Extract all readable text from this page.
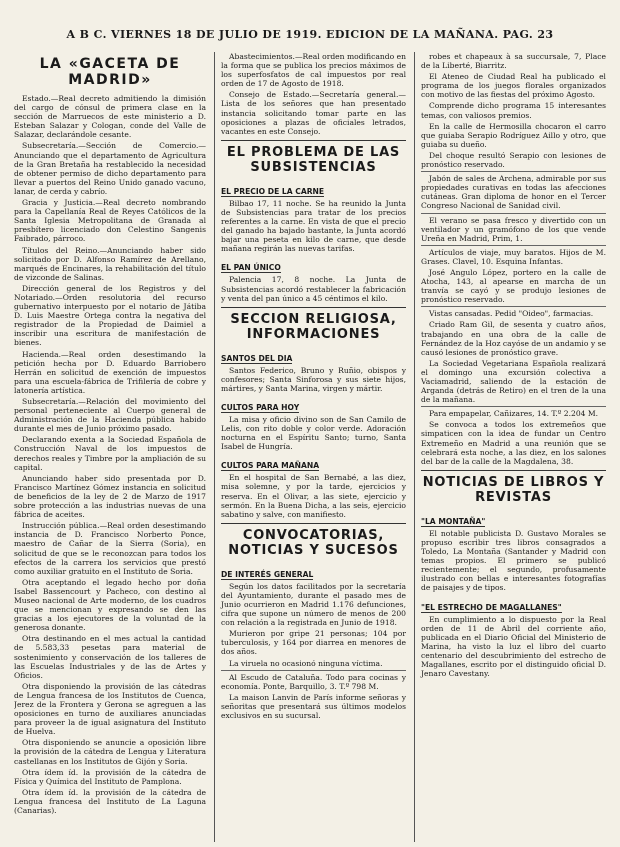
A B C. VIERNES 18 DE JULIO DE 1919. EDICION DE LA MAÑANA. PAG. 23
LA «GACETA DE MADRID»

Estado.—Real decreto admitiendo la dimisión del cargo de cónsul de primera clase en la sección de Marruecos de este ministerio a D. Esteban Salazar y Cologan, conde del Valle de Salazar, declarándole cesante.

Subsecretaría.—Sección de Comercio.—Anunciando que el departamento de Agricultura de la Gran Bretaña ha restablecido la necesidad de obtener permiso de dicho departamento para llevar a puertos del Reino Unido ganado vacuno, lanar, de cerda y cabrío.

Gracia y Justicia.—Real decreto nombrando para la Capellanía Real de Reyes Católicos de la Santa Iglesia Metropolitana de Granada al presbítero licenciado don Celestino Sangenis Faibrado, párroco.

Títulos del Reino.—Anunciando haber sido solicitado por D. Alfonso Ramírez de Arellano, marqués de Encinares, la rehabilitación del título de vizconde de Salinas.

Dirección general de los Registros y del Notariado.—Orden resolutoria del recurso gubernativo interpuesto por el notario de Játiba D. Luis Maestre Ortega contra la negativa del registrador de la Propiedad de Daimiel a inscribir una escritura de manifestación de bienes.

Hacienda.—Real orden desestimando la petición hecha por D. Eduardo Barriobero Herrán en solicitud de exención de impuestos para una escuela-fábrica de Trifilería de cobre y latonería artística.

Subsecretaría.—Relación del movimiento del personal perteneciente al Cuerpo general de Administración de la Hacienda pública habido durante el mes de Junio próximo pasado.

Declarando exenta a la Sociedad Española de Construcción Naval de los impuestos de derechos reales y Timbre por la ampliación de su capital.

Anunciando haber sido presentada por D. Francisco Martínez Gómez instancia en solicitud de beneficios de la ley de 2 de Marzo de 1917 sobre protección a las industrias nuevas de una fábrica de aceites.

Instrucción pública.—Real orden desestimando instancia de D. Francisco Norberto Ponce, maestro de Cañar de la Sierra (Soria), en solicitud de que se le reconozcan para todos los efectos de la carrera los servicios que prestó como auxiliar gratuito en el Instituto de Soria.

Otra aceptando el legado hecho por doña Isabel Bassencourt y Pacheco, con destino al Museo nacional de Arte moderno, de los cuadros que se mencionan y expresando se den las gracias a los ejecutores de la voluntad de la generosa donante.

Otra destinando en el mes actual la cantidad de 5.583,33 pesetas para material de sostenimiento y conservación de los talleres de las Escuelas Industriales y de las de Artes y Oficios.

Otra disponiendo la provisión de las cátedras de Lengua francesa de los Institutos de Cuenca, Jerez de la Frontera y Gerona se agreguen a las oposiciones en turno de auxiliares anunciadas para proveer la de igual asignatura del Instituto de Huelva.

Otra disponiendo se anuncie a oposición libre la provisión de la cátedra de Lengua y Literatura castellanas en los Institutos de Gijón y Soria.

Otra ídem íd. la provisión de la cátedra de Física y Química del Instituto de Pamplona.

Otra ídem íd. la provisión de la cátedra de Lengua francesa del Instituto de La Laguna (Canarias).

Abastecimientos.—Real orden modificando en la forma que se publica los precios máximos de los superfosfatos de cal impuestos por real orden de 17 de Agosto de 1918.

Consejo de Estado.—Secretaría general.—Lista de los señores que han presentado instancia solicitando tomar parte en las oposiciones a plazas de oficiales letrados, vacantes en este Consejo.

EL PROBLEMA DE LAS SUBSISTENCIAS
EL PRECIO DE LA CARNE

Bilbao 17, 11 noche. Se ha reunido la Junta de Subsistencias para tratar de los precios referentes a la carne. En vista de que el precio del ganado ha bajado bastante, la Junta acordó bajar una peseta en kilo de carne, que desde mañana regirán las nuevas tarifas.

EL PAN ÚNICO

Palencia 17, 8 noche. La Junta de Subsistencias acordó restablecer la fabricación y venta del pan único a 45 céntimos el kilo.

SECCION RELIGIOSA, INFORMACIONES
SANTOS DEL DIA

Santos Federico, Bruno y Ruñio, obispos y confesores; Santa Sinforosa y sus siete hijos, mártires, y Santa Marina, virgen y mártir.

CULTOS PARA HOY

La misa y oficio divino son de San Camilo de Lelis, con rito doble y color verde. Adoración nocturna en el Espíritu Santo; turno, Santa Isabel de Hungría.

CULTOS PARA MAÑANA

En el hospital de San Bernabé, a las diez, misa solemne, y por la tarde, ejercicios y reserva. En el Olivar, a las siete, ejercicio y sermón. En la Buena Dicha, a las seis, ejercicio sabatino y salve, con manifiesto.

CONVOCATORIAS, NOTICIAS Y SUCESOS
DE INTERÉS GENERAL

Según los datos facilitados por la secretaría del Ayuntamiento, durante el pasado mes de Junio ocurrieron en Madrid 1.176 defunciones, cifra que supone un número de menos de 200 con relación a la registrada en Junio de 1918.

Murieron por gripe 21 personas; 104 por tuberculosis, y 164 por diarrea en menores de dos años.

La viruela no ocasionó ninguna víctima.

Al Escudo de Cataluña. Todo para cocinas y economía. Ponte, Barquillo, 3. T.º 798 M.

La maison Lanvin de París informe señoras y señoritas que presentará sus últimos modelos exclusivos en su sucursal.

robes et chapeaux à sa succursale, 7, Place de la Liberté, Biarritz.

El Ateneo de Ciudad Real ha publicado el programa de los juegos florales organizados con motivo de las fiestas del próximo Agosto.

Comprende dicho programa 15 interesantes temas, con valiosos premios.

En la calle de Hermosilla chocaron el carro que guiaba Serapio Rodríguez Aillo y otro, que guiaba su dueño.

Del choque resultó Serapio con lesiones de pronóstico reservado.

Jabón de sales de Archena, admirable por sus propiedades curativas en todas las afecciones cutáneas. Gran diploma de honor en el Tercer Congreso Nacional de Sanidad civil.

El verano se pasa fresco y divertido con un ventilador y un gramófono de los que vende Ureña en Madrid, Prim, 1.

Artículos de viaje, muy baratos. Hijos de M. Grases. Clavel, 10. Esquina Infantas.

José Angulo López, portero en la calle de Atocha, 143, al apearse en marcha de un tranvía se cayó y se produjo lesiones de pronóstico reservado.

Vistas cansadas. Pedid "Oideo", farmacias.

Criado Ram Gil, de sesenta y cuatro años, trabajando en una obra de la calle de Fernández de la Hoz cayóse de un andamio y se causó lesiones de pronóstico grave.

La Sociedad Vegetariana Española realizará el domingo una excursión colectiva a Vaciamadrid, saliendo de la estación de Arganda (detrás de Retiro) en el tren de la una de la mañana.

Para empapelar, Cañizares, 14. T.º 2.204 M.

Se convoca a todos los extremeños que simpaticen con la idea de fundar un Centro Extremeño en Madrid a una reunión que se celebrará esta noche, a las diez, en los salones del bar de la calle de la Magdalena, 38.

NOTICIAS DE LIBROS Y REVISTAS
"LA MONTAÑA"

El notable publicista D. Gustavo Morales se propuso escribir tres libros consagrados a Toledo, La Montaña (Santander y Madrid con temas propios. El primero se publicó recientemente; el segundo, profusamente ilustrado con bellas e interesantes fotografías de paisajes y de tipos.

"EL ESTRECHO DE MAGALLANES"

En cumplimiento a lo dispuesto por la Real orden de 11 de Abril del corriente año, publicada en el Diario Oficial del Ministerio de Marina, ha visto la luz el libro del cuarto centenario del descubrimiento del estrecho de Magallanes, escrito por el distinguido oficial D. Jenaro Cavestany.
